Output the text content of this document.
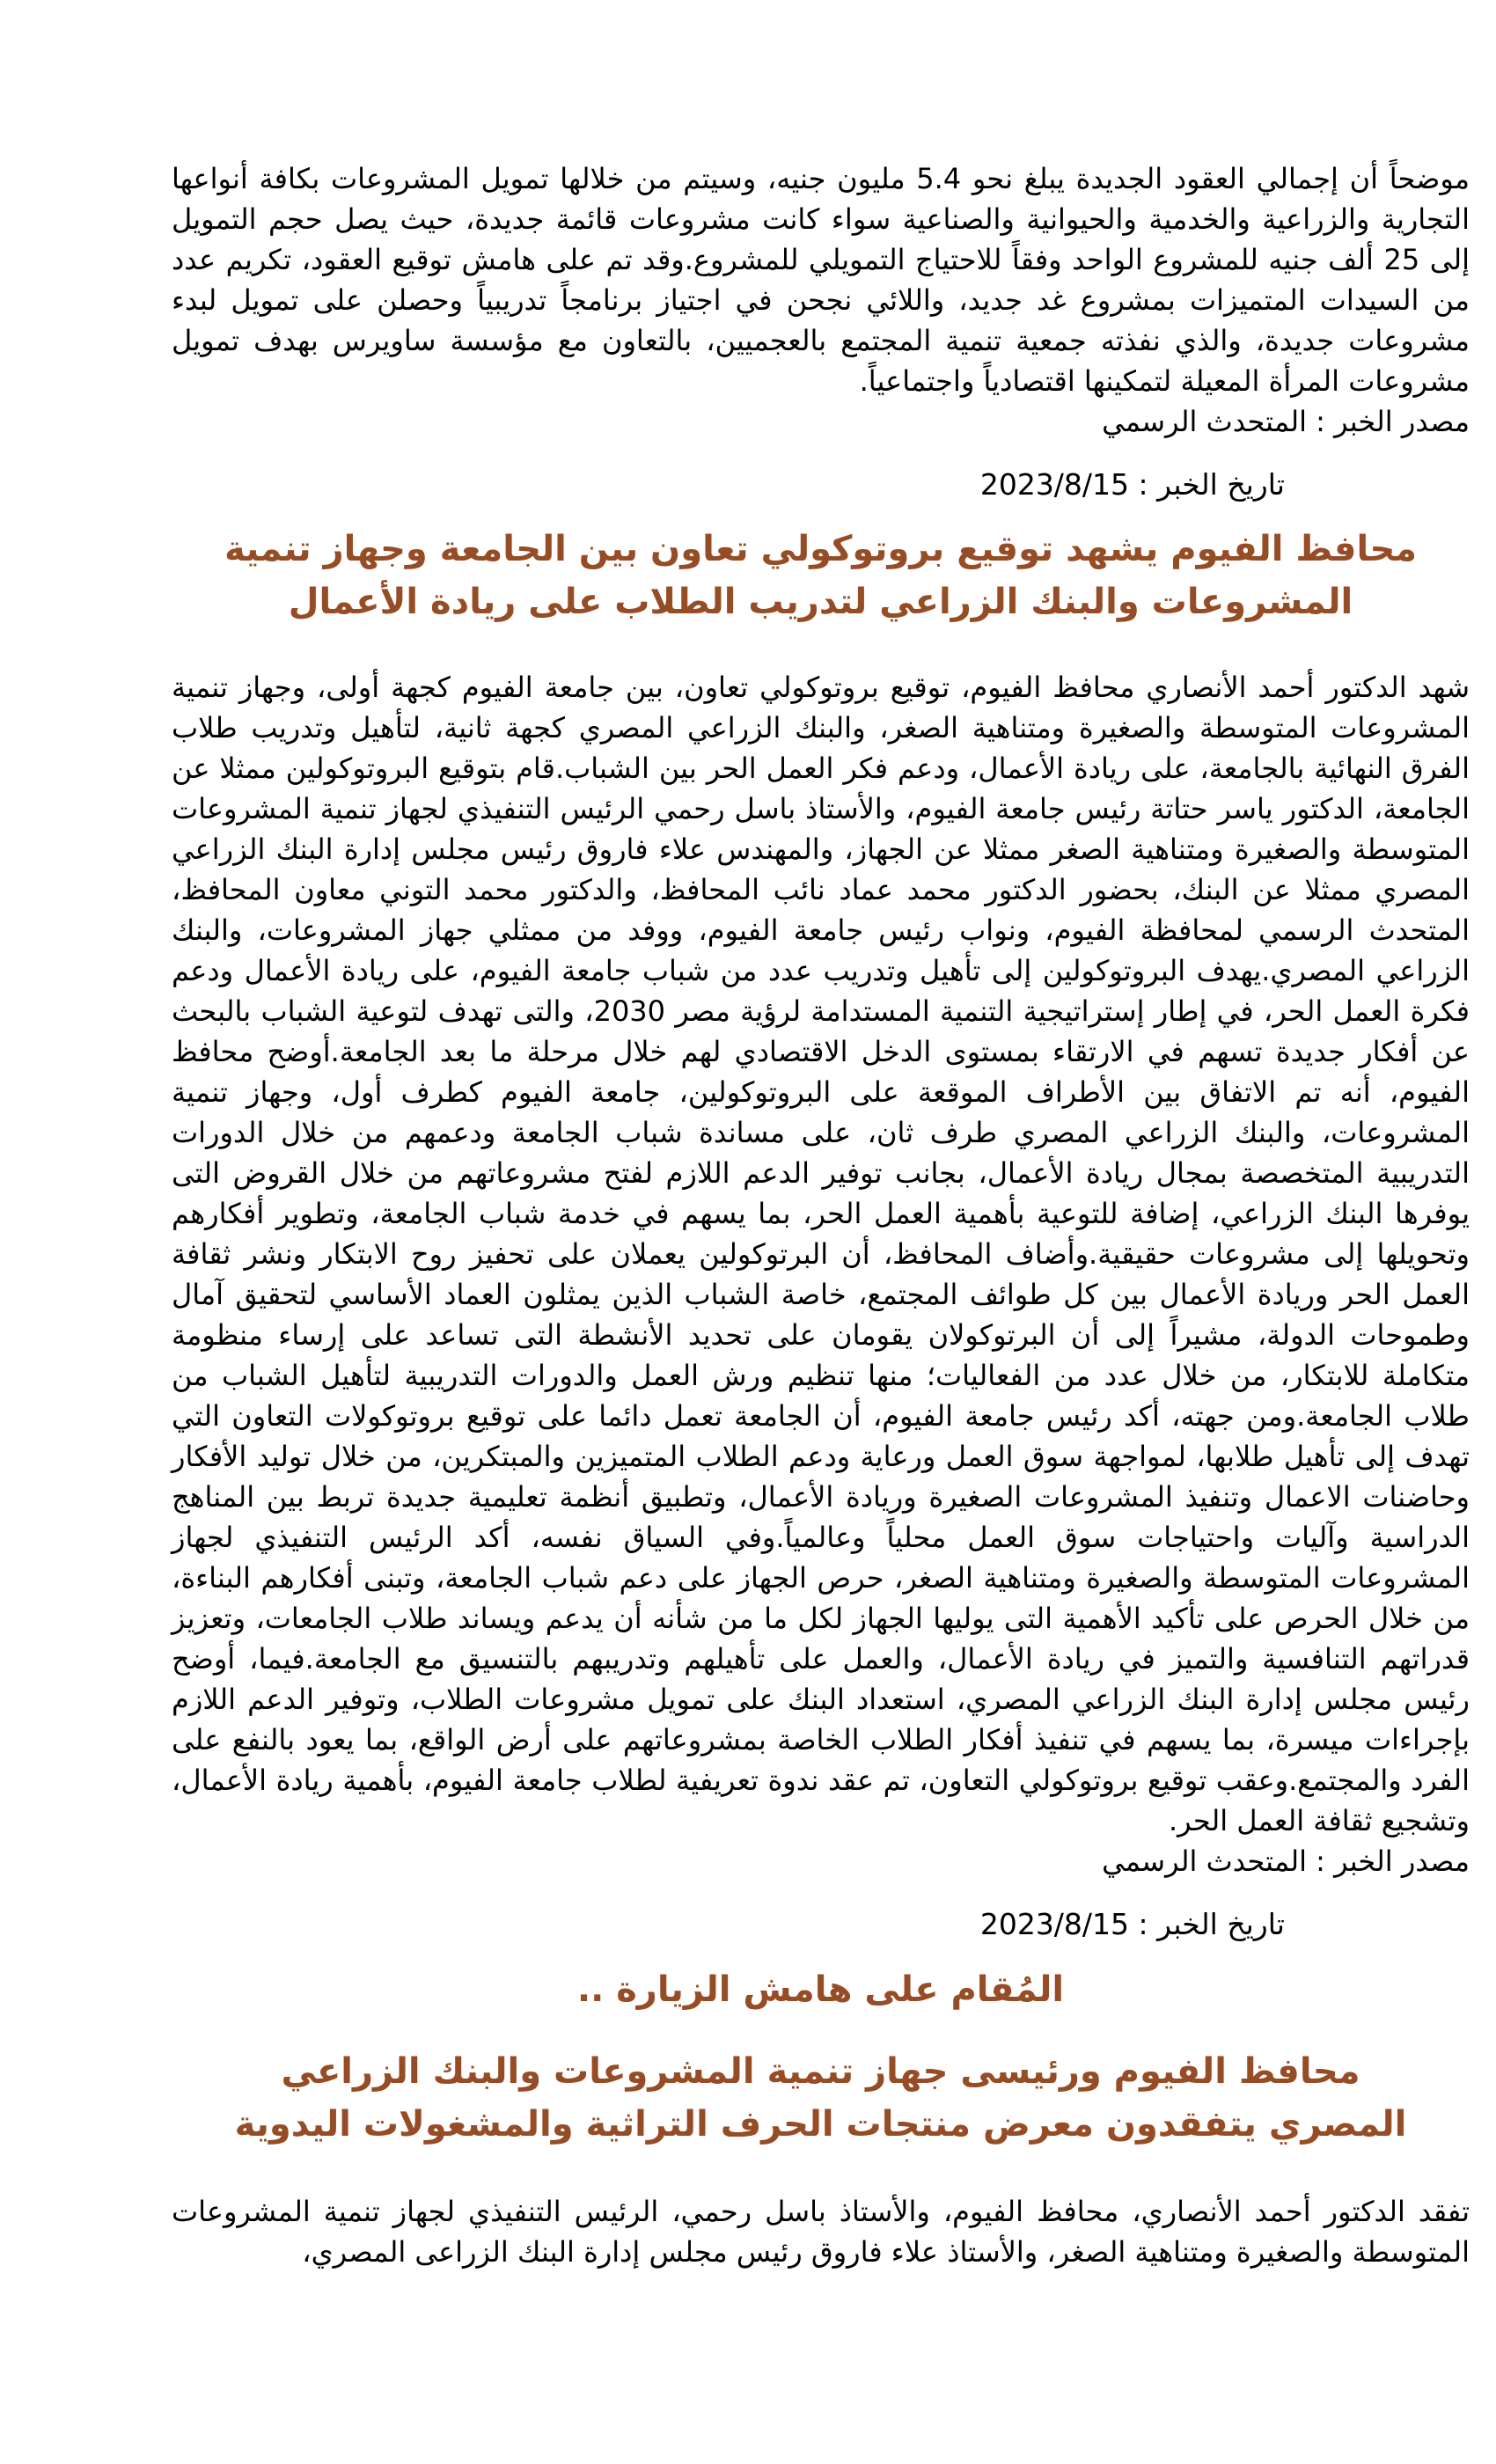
موضحاً أن إجمالي العقود الجديدة يبلغ نحو 5.4 مليون جنيه، وسيتم من خلالها تمويل المشروعات بكافة أنواعها التجارية والزراعية والخدمية والحيوانية والصناعية سواء كانت مشروعات قائمة جديدة، حيث يصل حجم التمويل إلى 25 ألف جنيه للمشروع الواحد وفقاً للاحتياج التمويلي للمشروع.وقد تم على هامش توقيع العقود، تكريم عدد من السيدات المتميزات بمشروع غد جديد، واللائي نجحن في اجتياز برنامجاً تدريبياً وحصلن على تمويل لبدء مشروعات جديدة، والذي نفذته جمعية تنمية المجتمع بالعجميين، بالتعاون مع مؤسسة ساويرس بهدف تمويل مشروعات المرأة المعيلة لتمكينها اقتصادياً واجتماعياً.

مصدر الخبر : المتحدث الرسمي
تاريخ الخبر : 2023/8/15
محافظ الفيوم يشهد توقيع بروتوكولي تعاون بين الجامعة وجهاز تنمية المشروعات والبنك الزراعي لتدريب الطلاب على ريادة الأعمال

شهد الدكتور أحمد الأنصاري محافظ الفيوم، توقيع بروتوكولي تعاون، بين جامعة الفيوم كجهة أولى، وجهاز تنمية المشروعات المتوسطة والصغيرة ومتناهية الصغر، والبنك الزراعي المصري كجهة ثانية، لتأهيل وتدريب طلاب الفرق النهائية بالجامعة، على ريادة الأعمال، ودعم فكر العمل الحر بين الشباب.قام بتوقيع البروتوكولين ممثلا عن الجامعة، الدكتور ياسر حتاتة رئيس جامعة الفيوم، والأستاذ باسل رحمي الرئيس التنفيذي لجهاز تنمية المشروعات المتوسطة والصغيرة ومتناهية الصغر ممثلا عن الجهاز، والمهندس علاء فاروق رئيس مجلس إدارة البنك الزراعي المصري ممثلا عن البنك، بحضور الدكتور محمد عماد نائب المحافظ، والدكتور محمد التوني معاون المحافظ، المتحدث الرسمي لمحافظة الفيوم، ونواب رئيس جامعة الفيوم، ووفد من ممثلي جهاز المشروعات، والبنك الزراعي المصري.يهدف البروتوكولين إلى تأهيل وتدريب عدد من شباب جامعة الفيوم، على ريادة الأعمال ودعم فكرة العمل الحر، في إطار إستراتيجية التنمية المستدامة لرؤية مصر 2030، والتى تهدف لتوعية الشباب بالبحث عن أفكار جديدة تسهم في الارتقاء بمستوى الدخل الاقتصادي لهم خلال مرحلة ما بعد الجامعة.أوضح محافظ الفيوم، أنه تم الاتفاق بين الأطراف الموقعة على البروتوكولين، جامعة الفيوم كطرف أول، وجهاز تنمية المشروعات، والبنك الزراعي المصري طرف ثان، على مساندة شباب الجامعة ودعمهم من خلال الدورات التدريبية المتخصصة بمجال ريادة الأعمال، بجانب توفير الدعم اللازم لفتح مشروعاتهم من خلال القروض التى يوفرها البنك الزراعي، إضافة للتوعية بأهمية العمل الحر، بما يسهم في خدمة شباب الجامعة، وتطوير أفكارهم وتحويلها إلى مشروعات حقيقية.وأضاف المحافظ، أن البرتوكولين يعملان على تحفيز روح الابتكار ونشر ثقافة العمل الحر وريادة الأعمال بين كل طوائف المجتمع، خاصة الشباب الذين يمثلون العماد الأساسي لتحقيق آمال وطموحات الدولة، مشيراً إلى أن البرتوكولان يقومان على تحديد الأنشطة التى تساعد على إرساء منظومة متكاملة للابتكار، من خلال عدد من الفعاليات؛ منها تنظيم ورش العمل والدورات التدريبية لتأهيل الشباب من طلاب الجامعة.ومن جهته، أكد رئيس جامعة الفيوم، أن الجامعة تعمل دائما على توقيع بروتوكولات التعاون التي تهدف إلى تأهيل طلابها، لمواجهة سوق العمل ورعاية ودعم الطلاب المتميزين والمبتكرين، من خلال توليد الأفكار وحاضنات الاعمال وتنفيذ المشروعات الصغيرة وريادة الأعمال، وتطبيق أنظمة تعليمية جديدة تربط بين المناهج الدراسية وآليات واحتياجات سوق العمل محلياً وعالمياً.وفي السياق نفسه، أكد الرئيس التنفيذي لجهاز المشروعات المتوسطة والصغيرة ومتناهية الصغر، حرص الجهاز على دعم شباب الجامعة، وتبنى أفكارهم البناءة، من خلال الحرص على تأكيد الأهمية التى يوليها الجهاز لكل ما من شأنه أن يدعم ويساند طلاب الجامعات، وتعزيز قدراتهم التنافسية والتميز في ريادة الأعمال، والعمل على تأهيلهم وتدريبهم بالتنسيق مع الجامعة.فيما، أوضح رئيس مجلس إدارة البنك الزراعي المصري، استعداد البنك على تمويل مشروعات الطلاب، وتوفير الدعم اللازم بإجراءات ميسرة، بما يسهم في تنفيذ أفكار الطلاب الخاصة بمشروعاتهم على أرض الواقع، بما يعود بالنفع على الفرد والمجتمع.وعقب توقيع بروتوكولي التعاون، تم عقد ندوة تعريفية لطلاب جامعة الفيوم، بأهمية ريادة الأعمال، وتشجيع ثقافة العمل الحر.

مصدر الخبر : المتحدث الرسمي
تاريخ الخبر : 2023/8/15
المُقام على هامش الزيارة ..
محافظ الفيوم ورئيسى جهاز تنمية المشروعات والبنك الزراعي المصري يتفقدون معرض منتجات الحرف التراثية والمشغولات اليدوية

تفقد الدكتور أحمد الأنصاري، محافظ الفيوم، والأستاذ باسل رحمي، الرئيس التنفيذي لجهاز تنمية المشروعات المتوسطة والصغيرة ومتناهية الصغر، والأستاذ علاء فاروق رئيس مجلس إدارة البنك الزراعى المصري،
